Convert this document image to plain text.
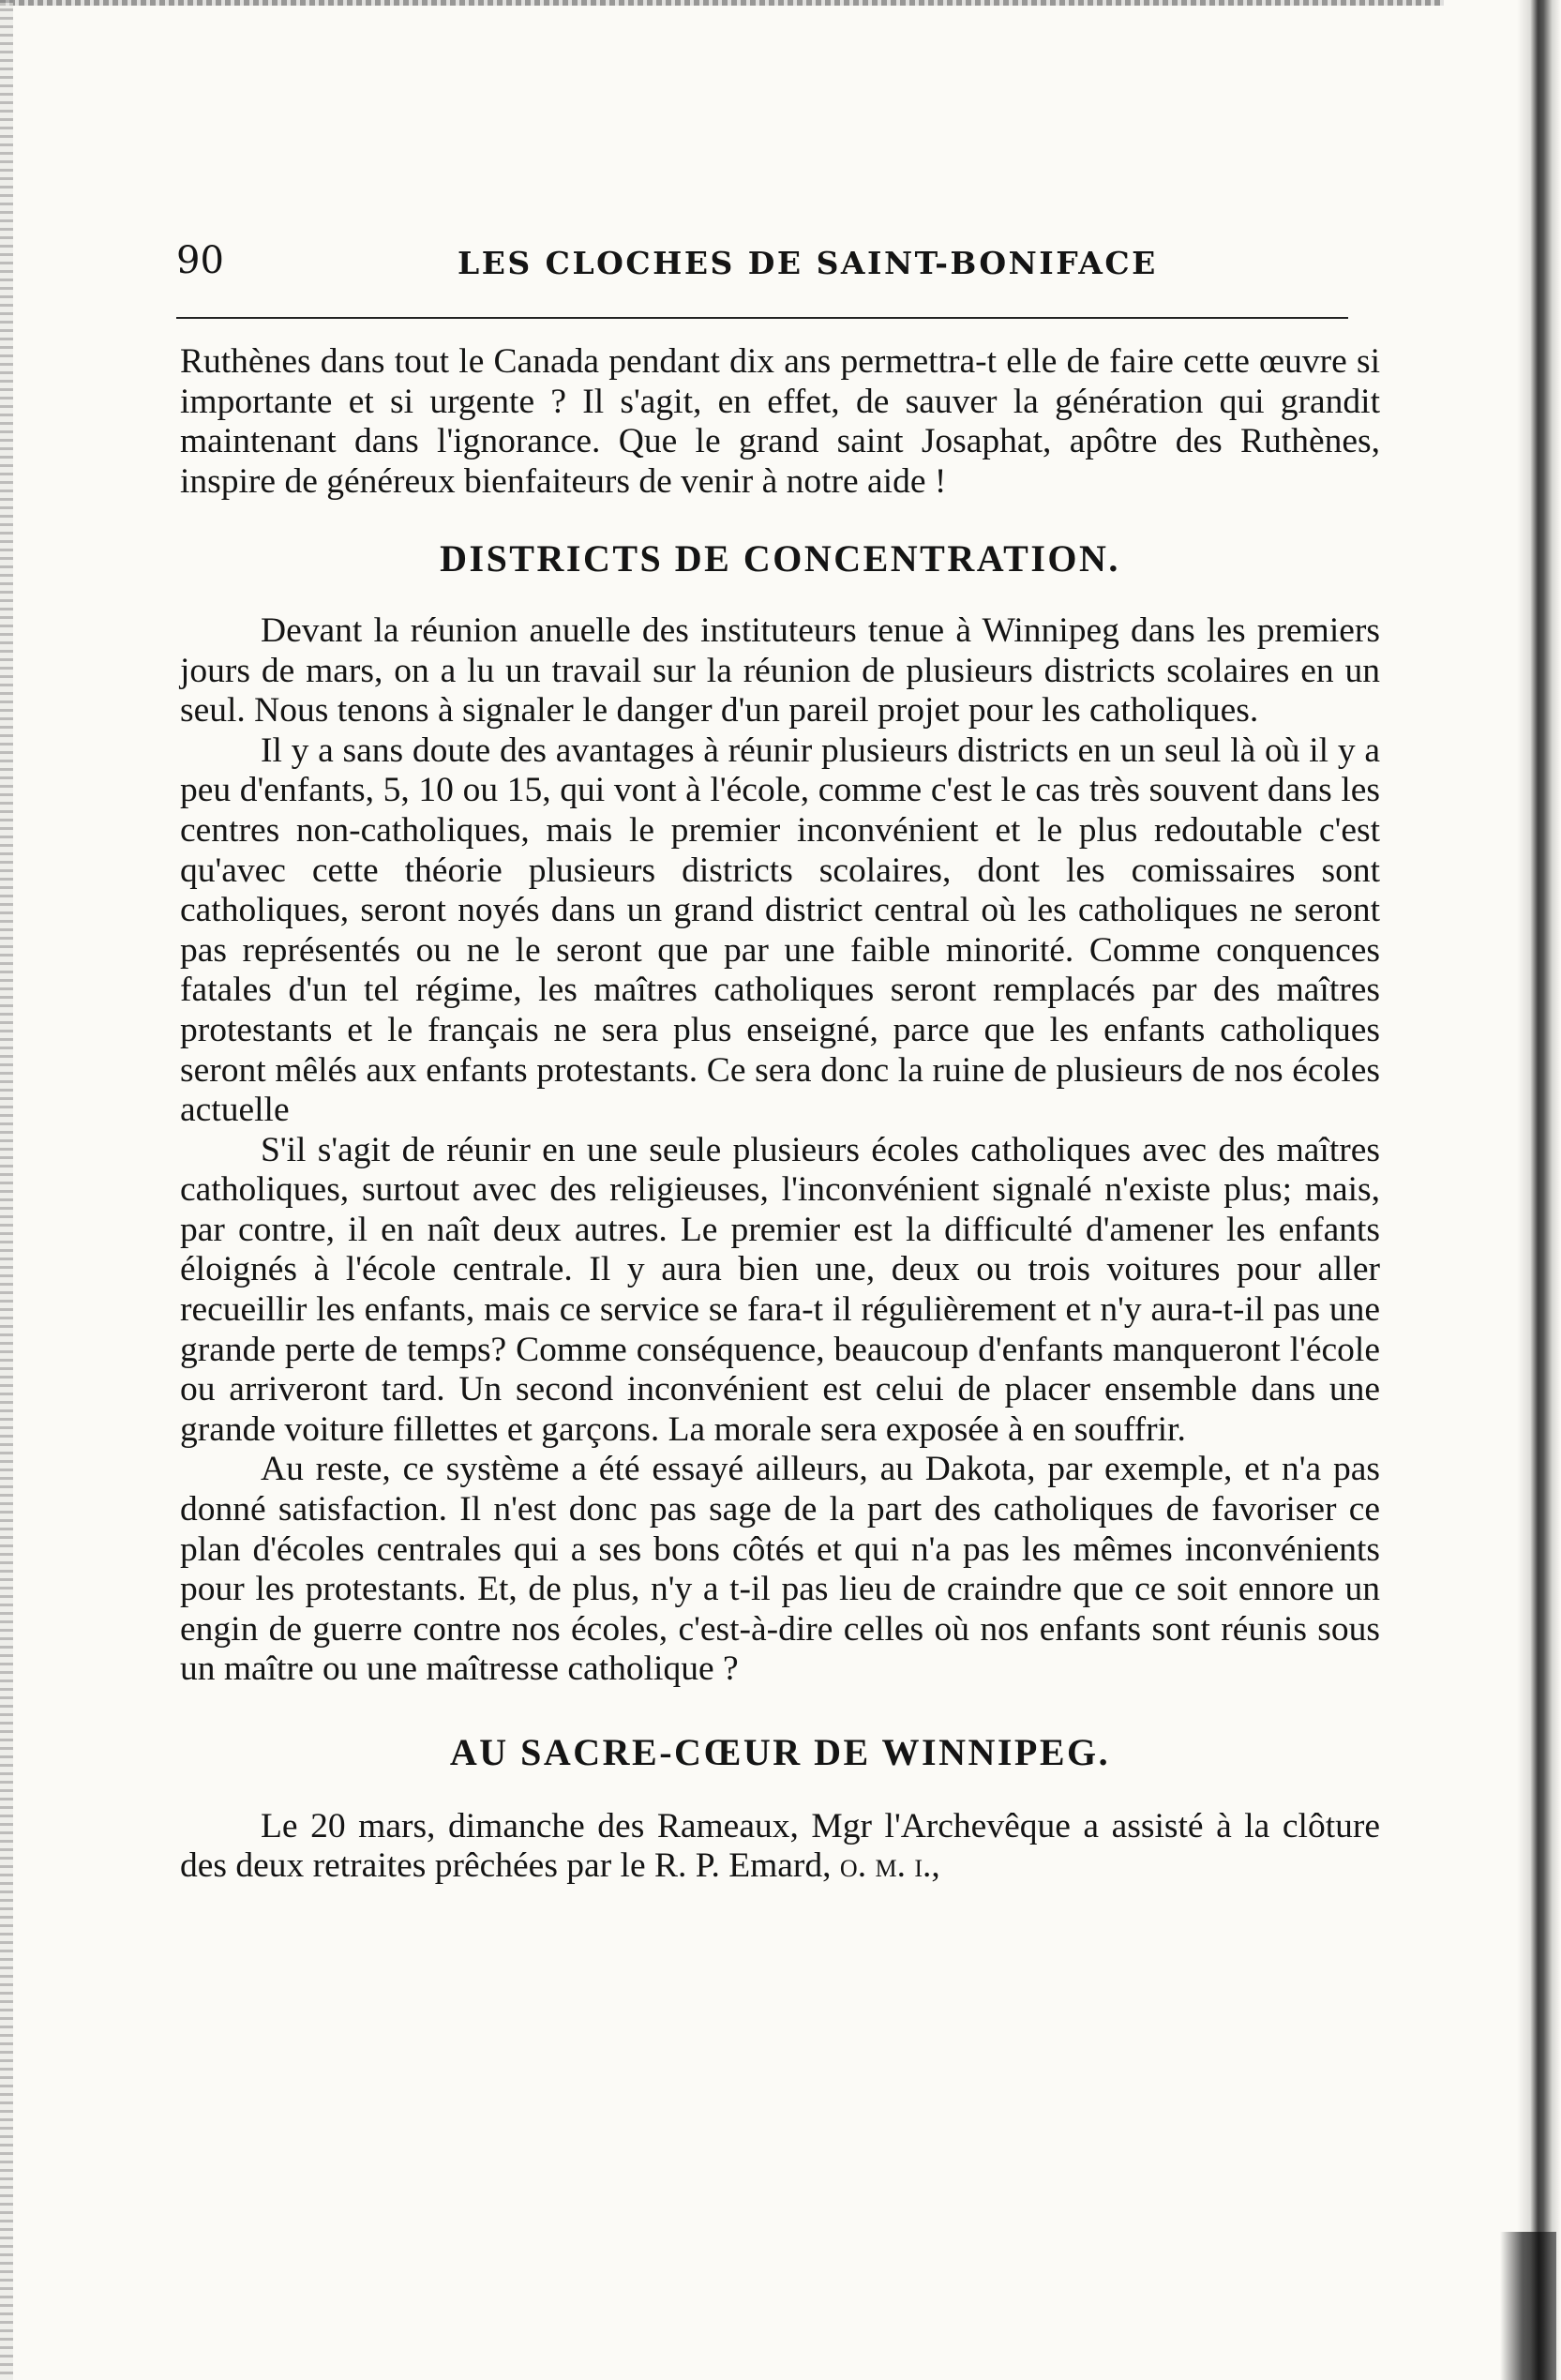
90	LES CLOCHES DE SAINT-BONIFACE

Ruthènes dans tout le Canada pendant dix ans permettra-t elle de faire cette œuvre si importante et si urgente ? Il s'agit, en effet, de sauver la génération qui grandit maintenant dans l'ignorance. Que le grand saint Josaphat, apôtre des Ruthènes, inspire de généreux bienfaiteurs de venir à notre aide !

DISTRICTS DE CONCENTRATION.

Devant la réunion anuelle des instituteurs tenue à Winnipeg dans les premiers jours de mars, on a lu un travail sur la réunion de plusieurs districts scolaires en un seul. Nous tenons à signaler le danger d'un pareil projet pour les catholiques.

Il y a sans doute des avantages à réunir plusieurs districts en un seul là où il y a peu d'enfants, 5, 10 ou 15, qui vont à l'école, comme c'est le cas très souvent dans les centres non-catholiques, mais le premier inconvénient et le plus redoutable c'est qu'avec cette théorie plusieurs districts scolaires, dont les comissaires sont catholiques, seront noyés dans un grand district central où les catholiques ne seront pas représentés ou ne le seront que par une faible minorité. Comme conquences fatales d'un tel régime, les maîtres catholiques seront remplacés par des maîtres protestants et le français ne sera plus enseigné, parce que les enfants catholiques seront mêlés aux enfants protestants. Ce sera donc la ruine de plusieurs de nos écoles actuelle

S'il s'agit de réunir en une seule plusieurs écoles catholiques avec des maîtres catholiques, surtout avec des religieuses, l'inconvénient signalé n'existe plus; mais, par contre, il en naît deux autres. Le premier est la difficulté d'amener les enfants éloignés à l'école centrale. Il y aura bien une, deux ou trois voitures pour aller recueillir les enfants, mais ce service se fara-t il régulièrement et n'y aura-t-il pas une grande perte de temps? Comme conséquence, beaucoup d'enfants manqueront l'école ou arriveront tard. Un second inconvénient est celui de placer ensemble dans une grande voiture fillettes et garçons. La morale sera exposée à en souffrir.

Au reste, ce système a été essayé ailleurs, au Dakota, par exemple, et n'a pas donné satisfaction. Il n'est donc pas sage de la part des catholiques de favoriser ce plan d'écoles centrales qui a ses bons côtés et qui n'a pas les mêmes inconvénients pour les protestants. Et, de plus, n'y a t-il pas lieu de craindre que ce soit ennore un engin de guerre contre nos écoles, c'est-à-dire celles où nos enfants sont réunis sous un maître ou une maîtresse catholique ?

AU SACRE-CŒUR DE WINNIPEG.

Le 20 mars, dimanche des Rameaux, Mgr l'Archevêque a assisté à la clôture des deux retraites prêchées par le R. P. Emard, o. m. i.,
